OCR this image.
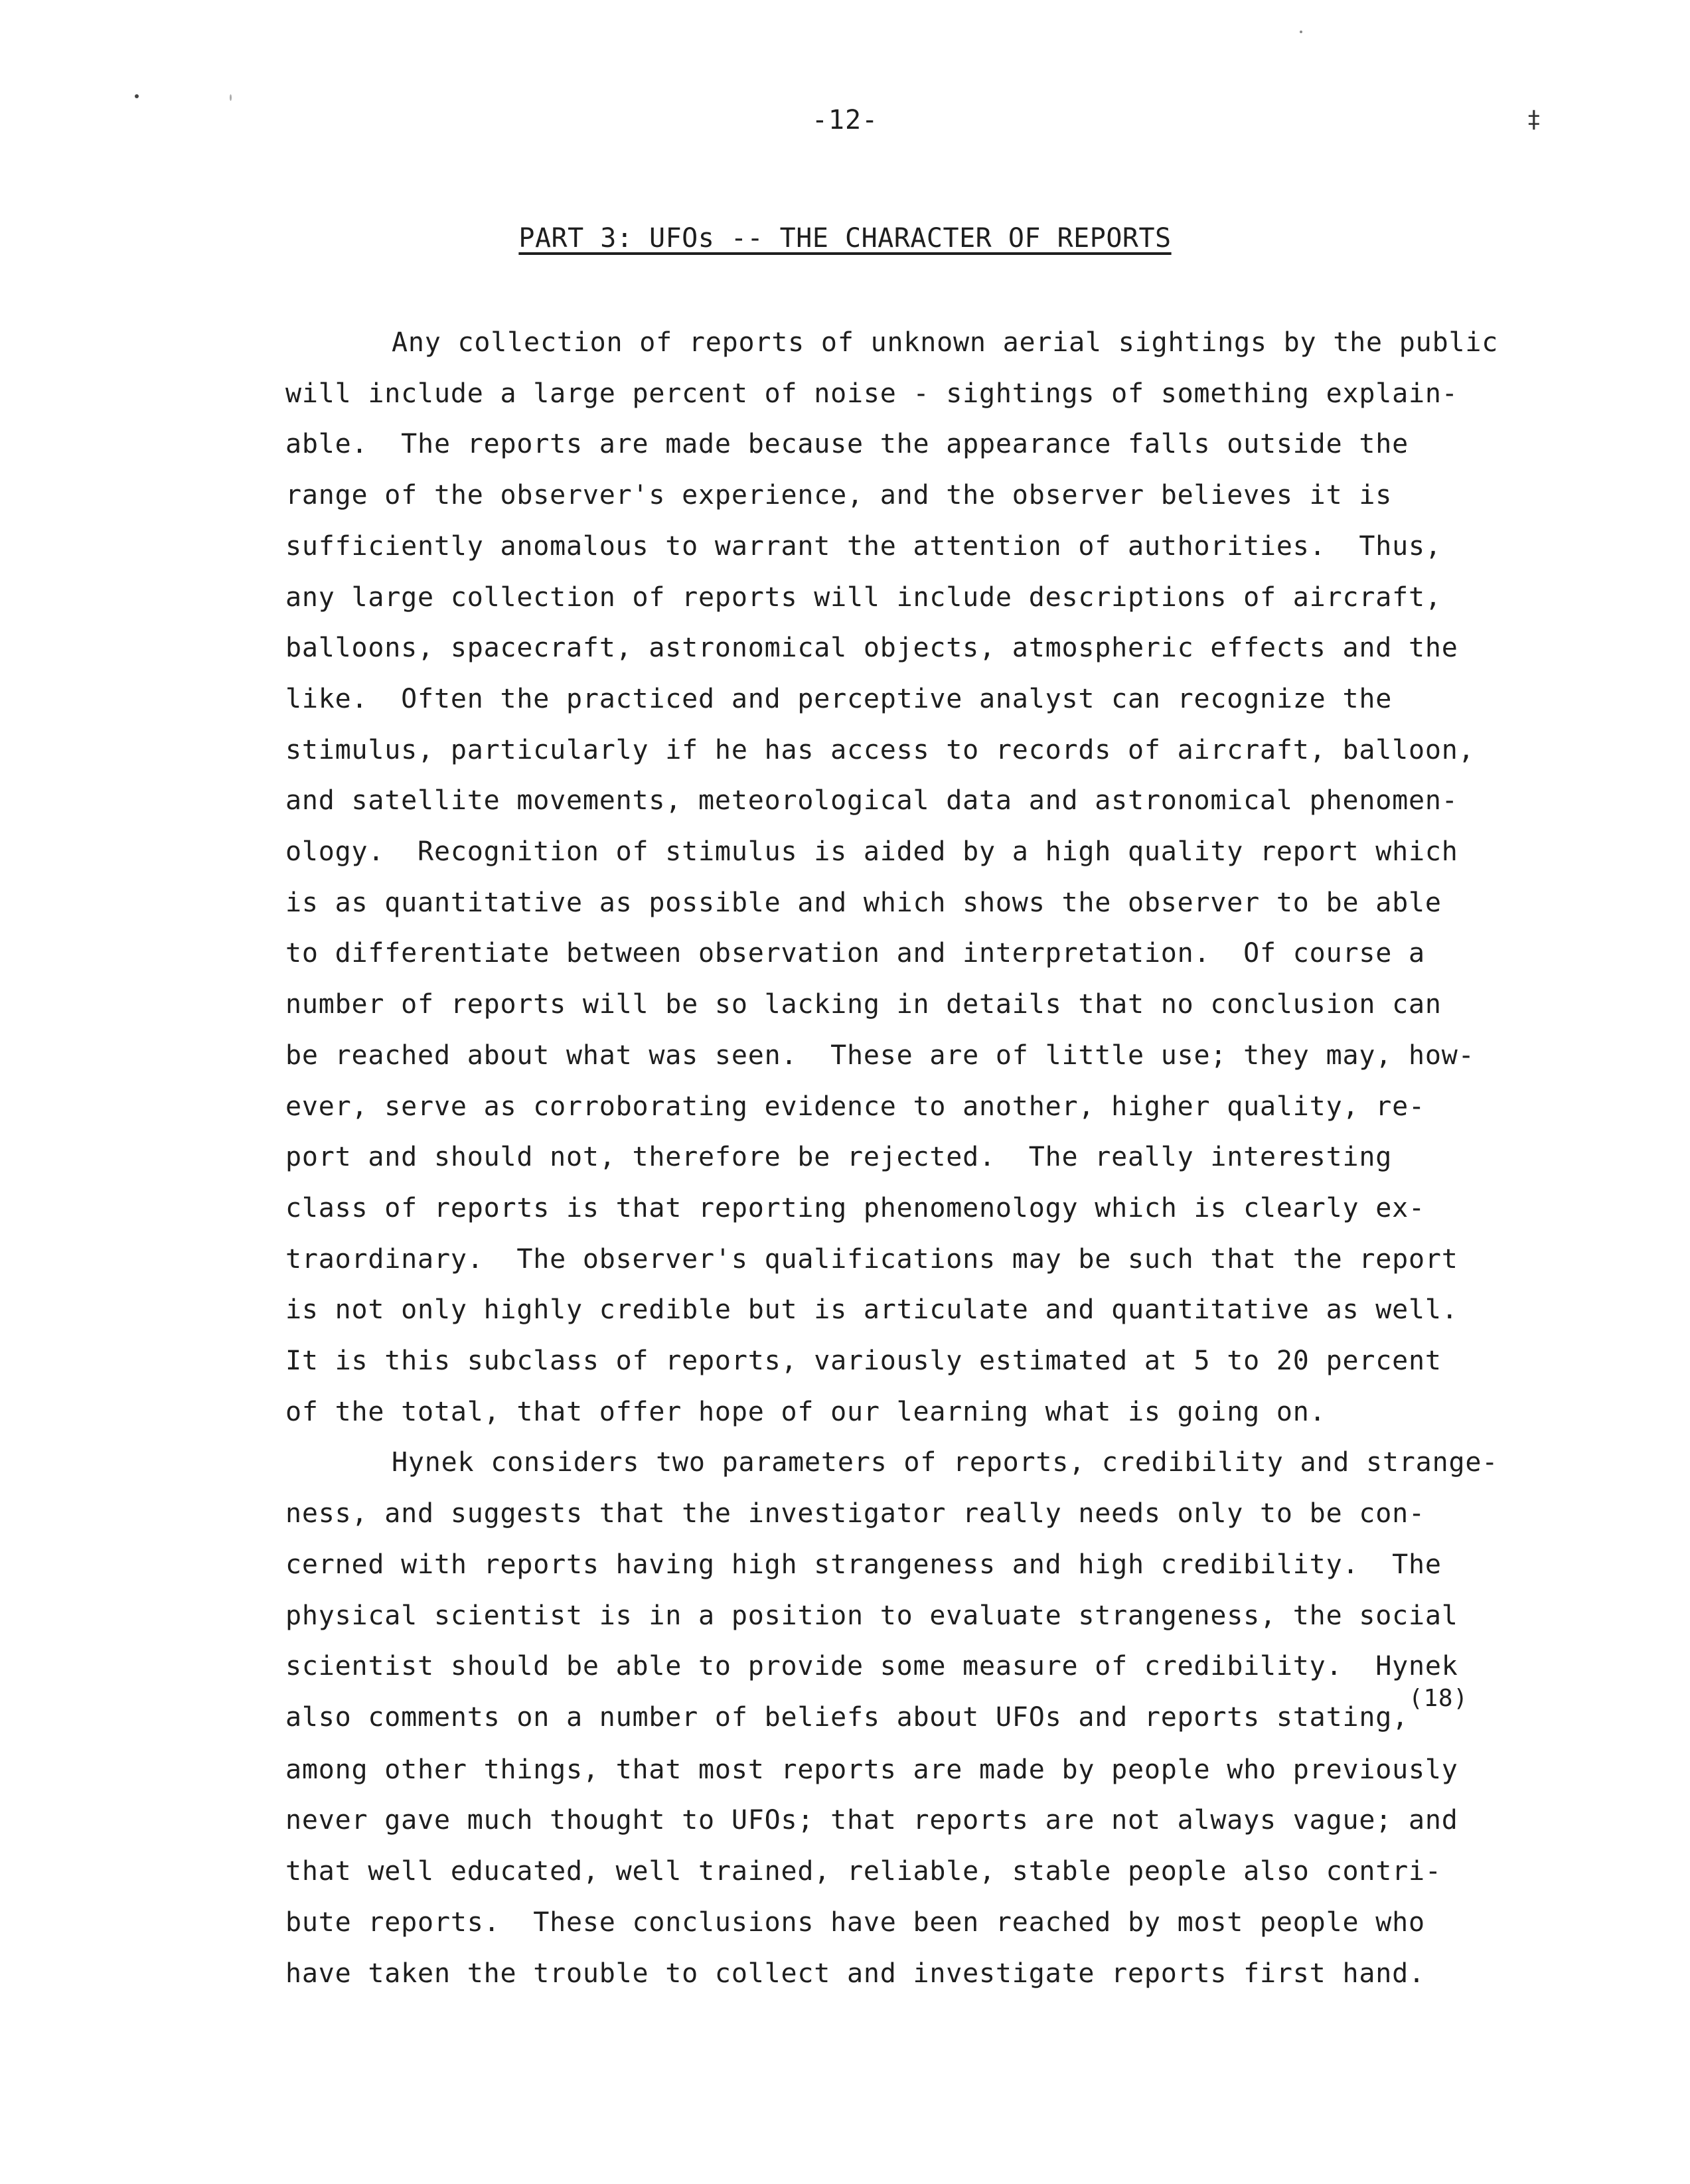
-12-	‡
PART 3: UFOs -- THE CHARACTER OF REPORTS
Any collection of reports of unknown aerial sightings by the public
will include a large percent of noise - sightings of something explain-
able.  The reports are made because the appearance falls outside the
range of the observer's experience, and the observer believes it is
sufficiently anomalous to warrant the attention of authorities.  Thus,
any large collection of reports will include descriptions of aircraft,
balloons, spacecraft, astronomical objects, atmospheric effects and the
like.  Often the practiced and perceptive analyst can recognize the
stimulus, particularly if he has access to records of aircraft, balloon,
and satellite movements, meteorological data and astronomical phenomen-
ology.  Recognition of stimulus is aided by a high quality report which
is as quantitative as possible and which shows the observer to be able
to differentiate between observation and interpretation.  Of course a
number of reports will be so lacking in details that no conclusion can
be reached about what was seen.  These are of little use; they may, how-
ever, serve as corroborating evidence to another, higher quality, re-
port and should not, therefore be rejected.  The really interesting
class of reports is that reporting phenomenology which is clearly ex-
traordinary.  The observer's qualifications may be such that the report
is not only highly credible but is articulate and quantitative as well.
It is this subclass of reports, variously estimated at 5 to 20 percent
of the total, that offer hope of our learning what is going on.
Hynek considers two parameters of reports, credibility and strange-
ness, and suggests that the investigator really needs only to be con-
cerned with reports having high strangeness and high credibility.  The
physical scientist is in a position to evaluate strangeness, the social
scientist should be able to provide some measure of credibility.  Hynek
also comments on a number of beliefs about UFOs and reports stating,(18)
among other things, that most reports are made by people who previously
never gave much thought to UFOs; that reports are not always vague; and
that well educated, well trained, reliable, stable people also contri-
bute reports.  These conclusions have been reached by most people who
have taken the trouble to collect and investigate reports first hand.
